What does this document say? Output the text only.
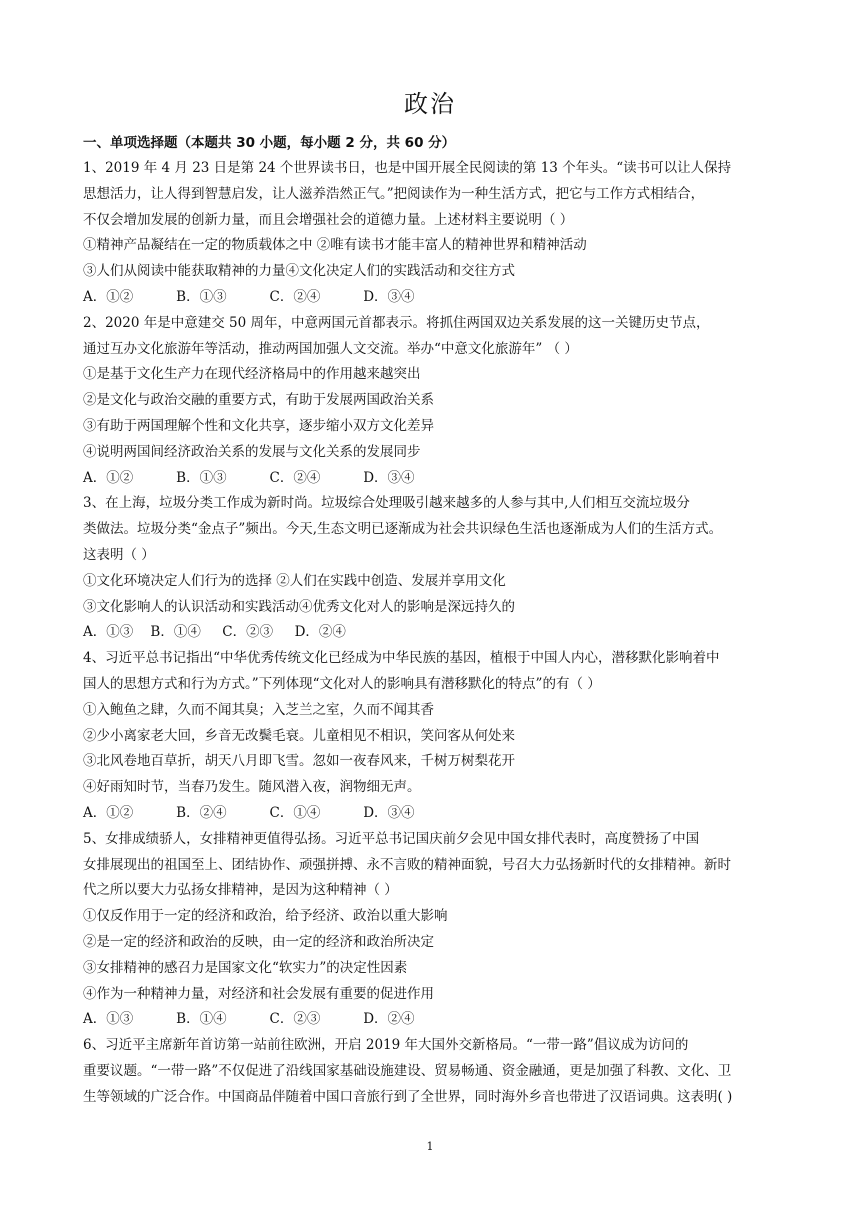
政治
一、单项选择题（本题共 30 小题，每小题 2 分，共 60 分）
1、2019 年 4 月 23 日是第 24 个世界读书日，也是中国开展全民阅读的第 13 个年头。“读书可以让人保持
思想活力，让人得到智慧启发，让人滋养浩然正气。”把阅读作为一种生活方式，把它与工作方式相结合，
不仅会增加发展的创新力量，而且会增强社会的道德力量。上述材料主要说明（ ）
①精神产品凝结在一定的物质载体之中 ②唯有读书才能丰富人的精神世界和精神活动
③人们从阅读中能获取精神的力量④文化决定人们的实践活动和交往方式
A．①②          B．①③          C．②④          D．③④
2、2020 年是中意建交 50 周年，中意两国元首都表示。将抓住两国双边关系发展的这一关键历史节点，
通过互办文化旅游年等活动，推动两国加强人文交流。举办“中意文化旅游年” （ ）
①是基于文化生产力在现代经济格局中的作用越来越突出
②是文化与政治交融的重要方式，有助于发展两国政治关系
③有助于两国理解个性和文化共享，逐步缩小双方文化差异
④说明两国间经济政治关系的发展与文化关系的发展同步
A．①②          B．①③          C．②④          D．③④
3、在上海，垃圾分类工作成为新时尚。垃圾综合处理吸引越来越多的人参与其中,人们相互交流垃圾分
类做法。垃圾分类“金点子”频出。今天,生态文明已逐渐成为社会共识绿色生活也逐渐成为人们的生活方式。
这表明（ ）
①文化环境决定人们行为的选择 ②人们在实践中创造、发展并享用文化
③文化影响人的认识活动和实践活动④优秀文化对人的影响是深远持久的
A．①③    B．①④     C．②③     D．②④
4、习近平总书记指出“中华优秀传统文化已经成为中华民族的基因，植根于中国人内心，潜移默化影响着中
国人的思想方式和行为方式。”下列体现“文化对人的影响具有潜移默化的特点”的有（ ）
①入鲍鱼之肆，久而不闻其臭；入芝兰之室，久而不闻其香
②少小离家老大回，乡音无改鬓毛衰。儿童相见不相识，笑问客从何处来
③北风卷地百草折，胡天八月即飞雪。忽如一夜春风来，千树万树梨花开
④好雨知时节，当春乃发生。随风潜入夜，润物细无声。
A．①②          B．②④          C．①④          D．③④
5、女排成绩骄人，女排精神更值得弘扬。习近平总书记国庆前夕会见中国女排代表时，高度赞扬了中国
女排展现出的祖国至上、团结协作、顽强拼搏、永不言败的精神面貌，号召大力弘扬新时代的女排精神。新时
代之所以要大力弘扬女排精神，是因为这种精神（ ）
①仅反作用于一定的经济和政治，给予经济、政治以重大影响
②是一定的经济和政治的反映，由一定的经济和政治所决定
③女排精神的感召力是国家文化“软实力”的决定性因素
④作为一种精神力量，对经济和社会发展有重要的促进作用
A．①③          B．①④          C．②③          D．②④
6、习近平主席新年首访第一站前往欧洲，开启 2019 年大国外交新格局。“一带一路”倡议成为访问的
重要议题。“一带一路”不仅促进了沿线国家基础设施建设、贸易畅通、资金融通，更是加强了科教、文化、卫
生等领域的广泛合作。中国商品伴随着中国口音旅行到了全世界，同时海外乡音也带进了汉语词典。这表明( )
1
